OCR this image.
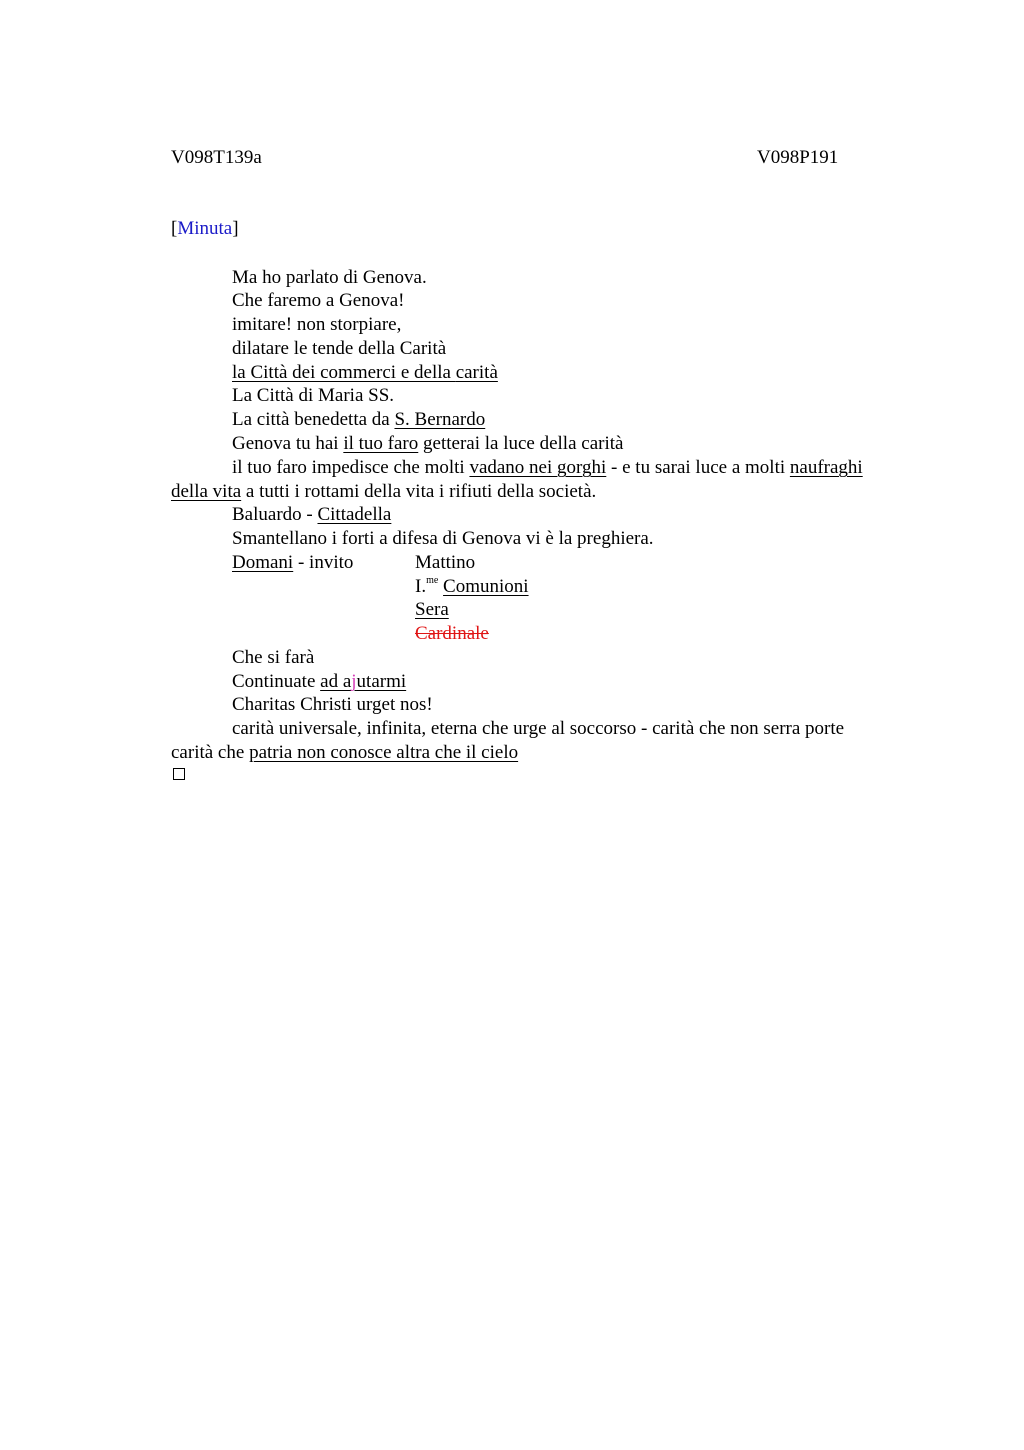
V098T139a	V098P191
[Minuta]
Ma ho parlato di Genova.
Che faremo a Genova!
imitare! non storpiare,
dilatare le tende della Carità
la Città dei commerci e della carità
La Città di Maria SS.
La città benedetta da S. Bernardo
Genova tu hai il tuo faro getterai la luce della carità
il tuo faro impedisce che molti vadano nei gorghi - e tu sarai luce a molti naufraghi
della vita a tutti i rottami della vita i rifiuti della società.
Baluardo - Cittadella
Smantellano i forti a difesa di Genova vi è la preghiera.
Domani - invito	Mattino
I.$^{me}$ Comunioni
Sera
Cardinale
Che si farà
Continuate ad ajutarmi
Charitas Christi urget nos!
carità universale, infinita, eterna che urge al soccorso - carità che non serra porte
carità che patria non conosce altra che il cielo
